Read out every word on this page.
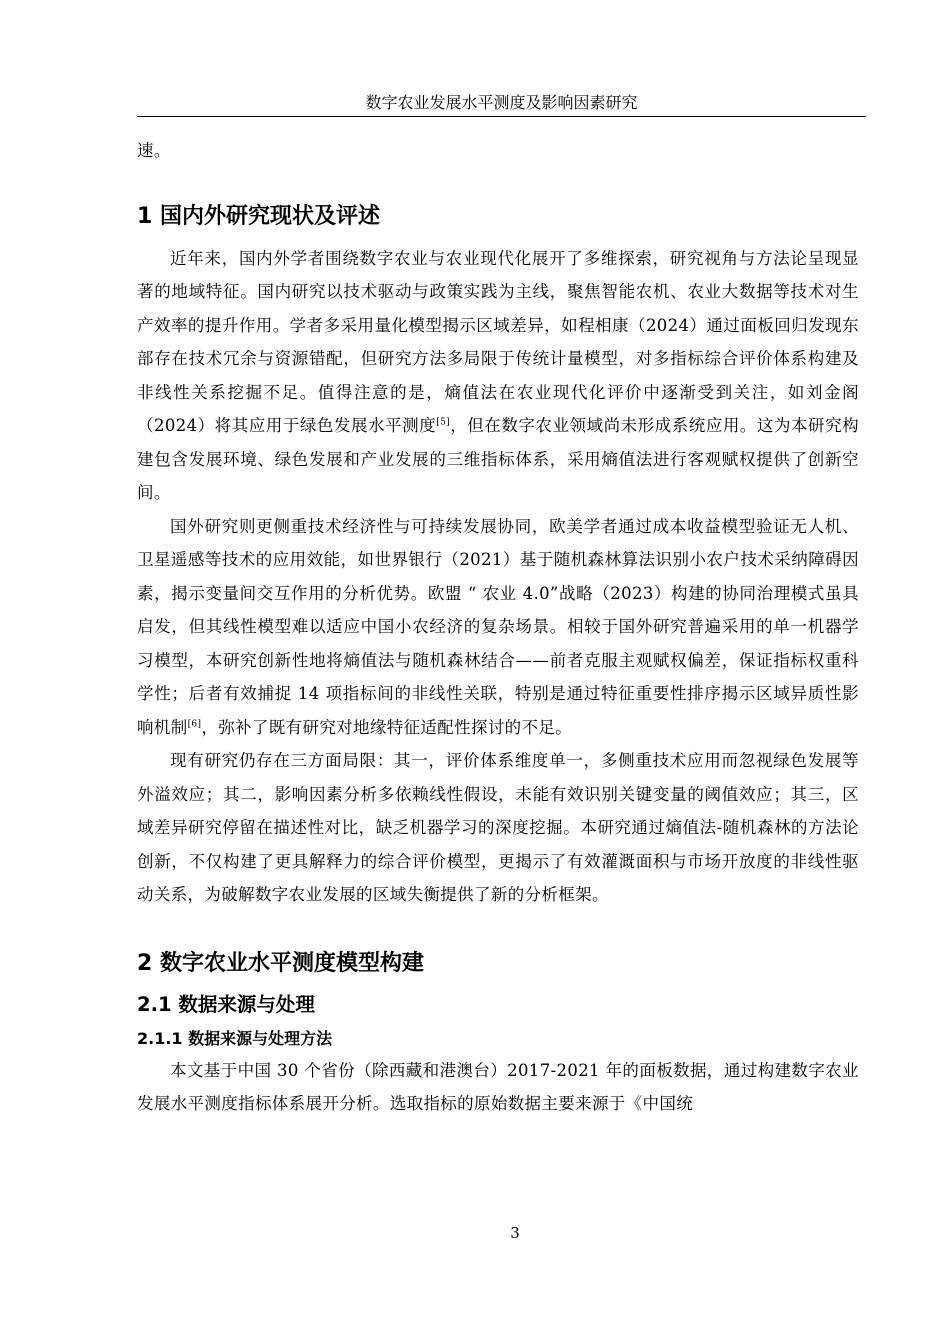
数字农业发展水平测度及影响因素研究

速。

1 国内外研究现状及评述

近年来，国内外学者围绕数字农业与农业现代化展开了多维探索，研究视角与方法论呈现显著的地域特征。国内研究以技术驱动与政策实践为主线，聚焦智能农机、农业大数据等技术对生产效率的提升作用。学者多采用量化模型揭示区域差异，如程相康（2024）通过面板回归发现东部存在技术冗余与资源错配，但研究方法多局限于传统计量模型，对多指标综合评价体系构建及非线性关系挖掘不足。值得注意的是，熵值法在农业现代化评价中逐渐受到关注，如刘金阁（2024）将其应用于绿色发展水平测度[5]，但在数字农业领域尚未形成系统应用。这为本研究构建包含发展环境、绿色发展和产业发展的三维指标体系，采用熵值法进行客观赋权提供了创新空间。

国外研究则更侧重技术经济性与可持续发展协同，欧美学者通过成本收益模型验证无人机、卫星遥感等技术的应用效能，如世界银行（2021）基于随机森林算法识别小农户技术采纳障碍因素，揭示变量间交互作用的分析优势。欧盟 “ 农业 4.0”战略（2023）构建的协同治理模式虽具启发，但其线性模型难以适应中国小农经济的复杂场景。相较于国外研究普遍采用的单一机器学习模型，本研究创新性地将熵值法与随机森林结合——前者克服主观赋权偏差，保证指标权重科学性；后者有效捕捉 14 项指标间的非线性关联，特别是通过特征重要性排序揭示区域异质性影响机制[6]，弥补了既有研究对地缘特征适配性探讨的不足。

现有研究仍存在三方面局限：其一，评价体系维度单一，多侧重技术应用而忽视绿色发展等外溢效应；其二，影响因素分析多依赖线性假设，未能有效识别关键变量的阈值效应；其三，区域差异研究停留在描述性对比，缺乏机器学习的深度挖掘。本研究通过熵值法-随机森林的方法论创新，不仅构建了更具解释力的综合评价模型，更揭示了有效灌溉面积与市场开放度的非线性驱动关系，为破解数字农业发展的区域失衡提供了新的分析框架。

2 数字农业水平测度模型构建
2.1 数据来源与处理
2.1.1 数据来源与处理方法

本文基于中国 30 个省份（除西藏和港澳台）2017-2021 年的面板数据，通过构建数字农业发展水平测度指标体系展开分析。选取指标的原始数据主要来源于《中国统

3
